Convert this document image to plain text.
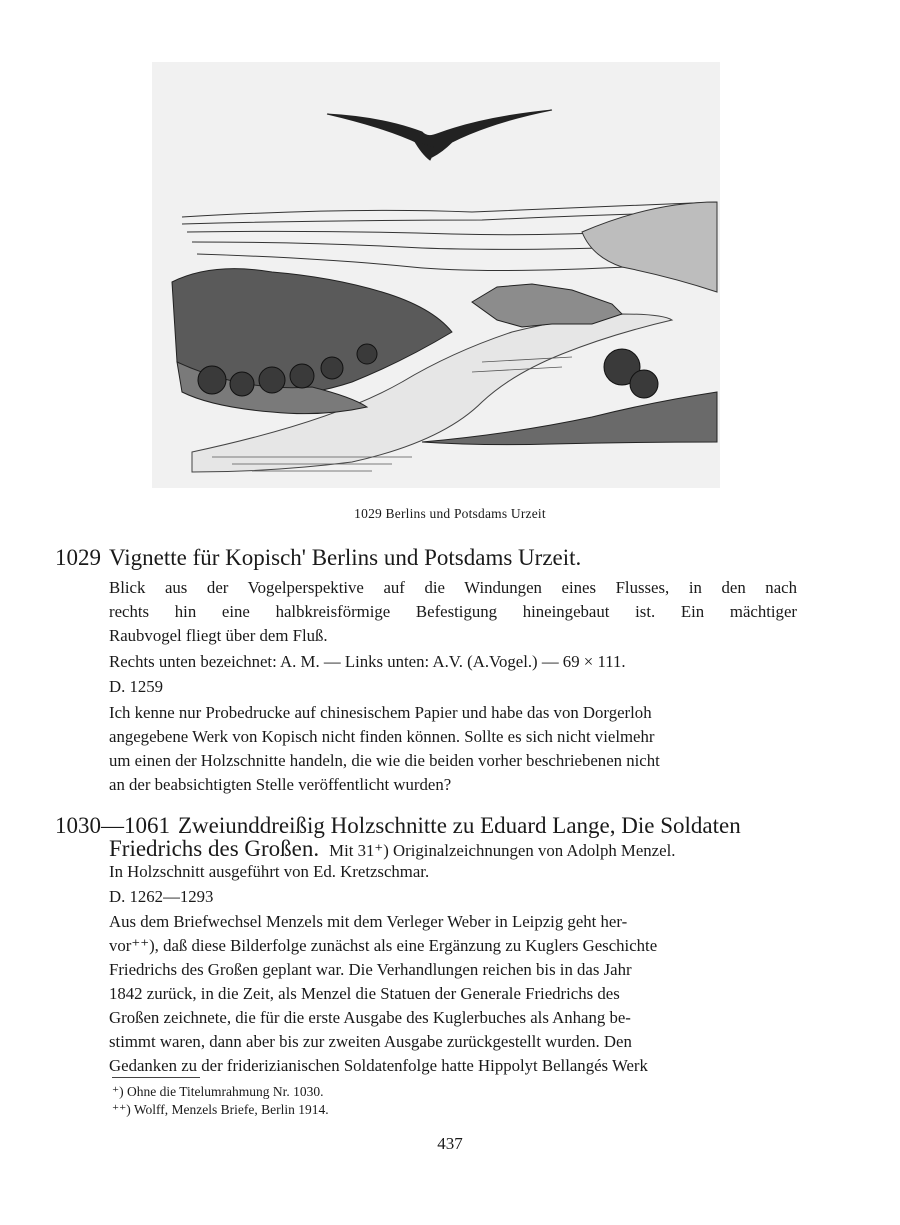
1029 Berlins und Potsdams Urzeit
1029 Vignette für Kopisch' Berlins und Potsdams Urzeit.
Blick aus der Vogelperspektive auf die Windungen eines Flusses, in den nach
rechts hin eine halbkreisförmige Befestigung hineingebaut ist. Ein mächtiger
Raubvogel fliegt über dem Fluß.
Rechts unten bezeichnet: A. M. — Links unten: A.V. (A.Vogel.) — 69 × 111.
D. 1259
Ich kenne nur Probedrucke auf chinesischem Papier und habe das von Dorgerloh
angegebene Werk von Kopisch nicht finden können. Sollte es sich nicht vielmehr
um einen der Holzschnitte handeln, die wie die beiden vorher beschriebenen nicht
an der beabsichtigten Stelle veröffentlicht wurden?
1030—1061 Zweiunddreißig Holzschnitte zu Eduard Lange, Die Soldaten
Friedrichs des Großen. Mit 31⁺) Originalzeichnungen von Adolph Menzel.
In Holzschnitt ausgeführt von Ed. Kretzschmar.
D. 1262—1293
Aus dem Briefwechsel Menzels mit dem Verleger Weber in Leipzig geht her-
vor⁺⁺), daß diese Bilderfolge zunächst als eine Ergänzung zu Kuglers Geschichte
Friedrichs des Großen geplant war. Die Verhandlungen reichen bis in das Jahr
1842 zurück, in die Zeit, als Menzel die Statuen der Generale Friedrichs des
Großen zeichnete, die für die erste Ausgabe des Kuglerbuches als Anhang be-
stimmt waren, dann aber bis zur zweiten Ausgabe zurückgestellt wurden. Den
Gedanken zu der friderizianischen Soldatenfolge hatte Hippolyt Bellangés Werk
⁺) Ohne die Titelumrahmung Nr. 1030.
⁺⁺) Wolff, Menzels Briefe, Berlin 1914.
437
